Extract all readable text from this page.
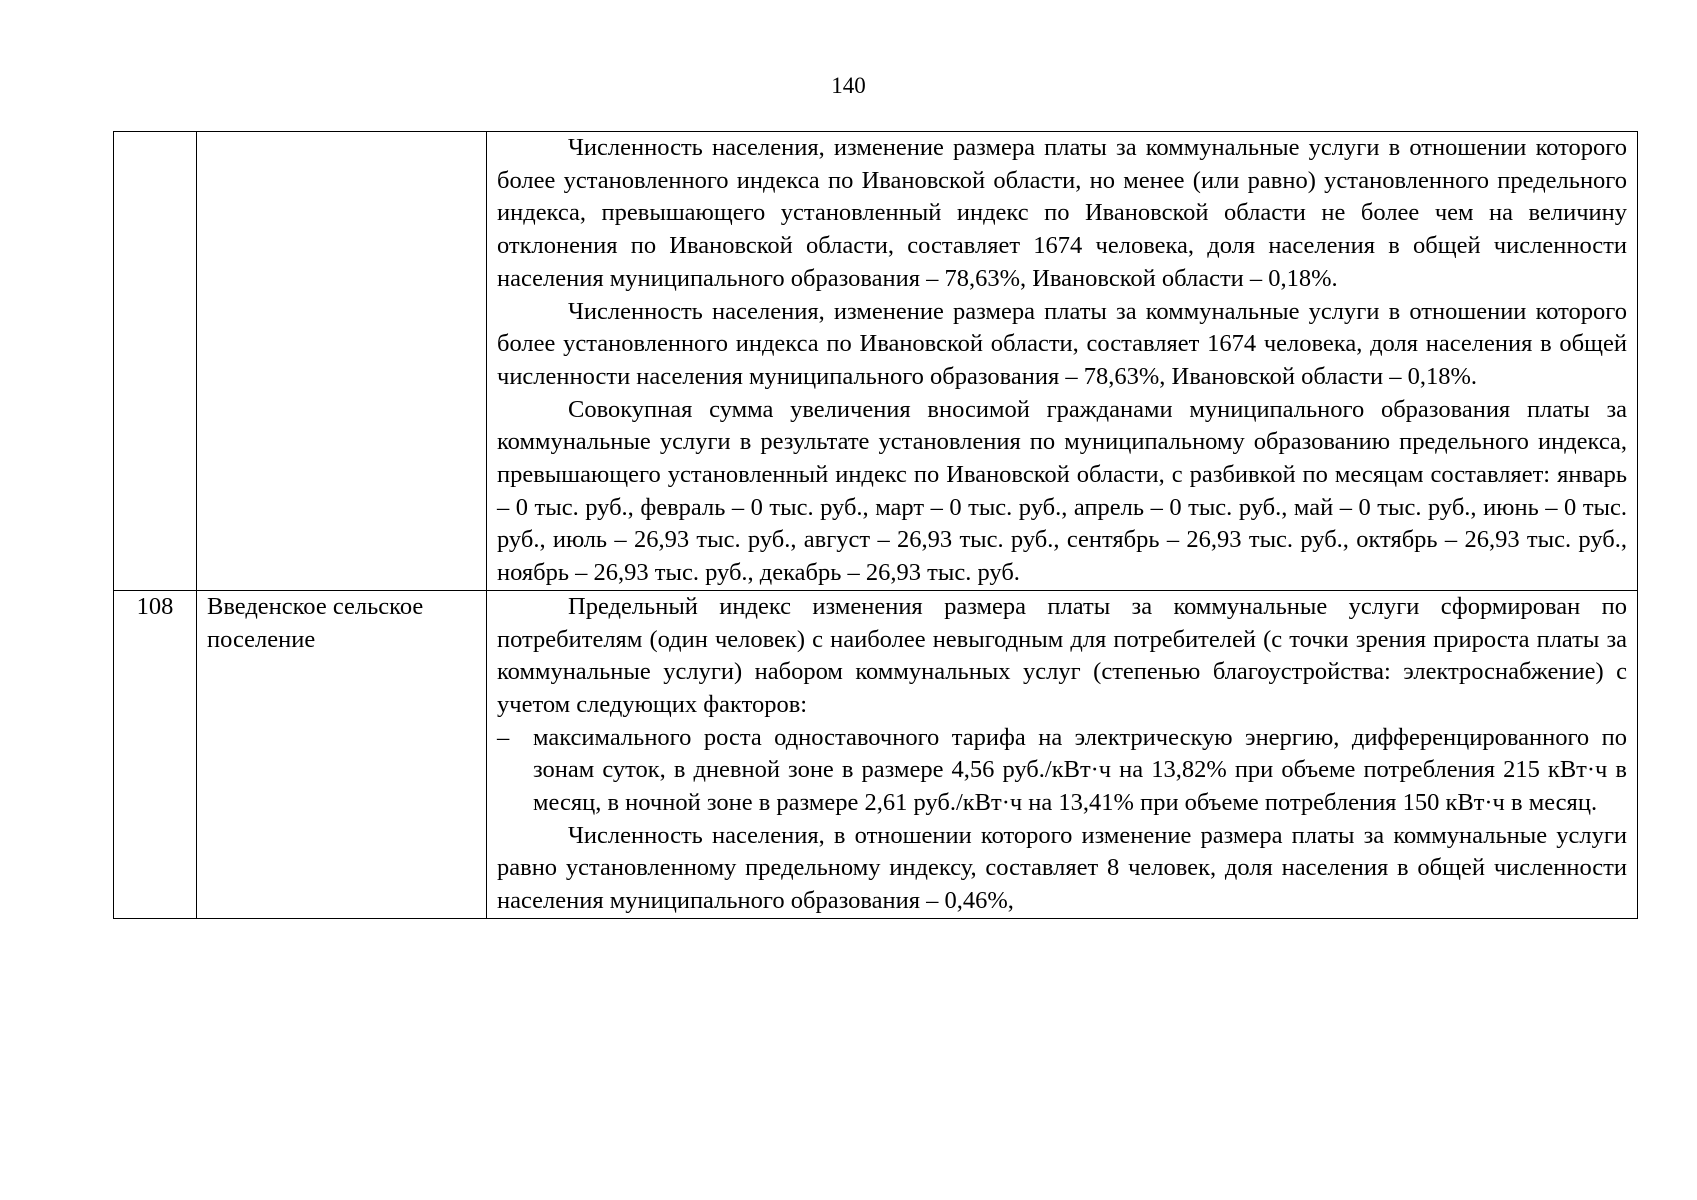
140

		Численность населения, изменение размера платы за коммунальные услуги в отношении которого более установленного индекса по Ивановской области, но менее (или равно) установленного предельного индекса, превышающего установленный индекс по Ивановской области не более чем на величину отклонения по Ивановской области, составляет 1674 человека, доля населения в общей численности населения муниципального образования – 78,63%, Ивановской области – 0,18%.

Численность населения, изменение размера платы за коммунальные услуги в отношении которого более установленного индекса по Ивановской области, составляет 1674 человека, доля населения в общей численности населения муниципального образования – 78,63%, Ивановской области – 0,18%.

Совокупная сумма увеличения вносимой гражданами муниципального образования платы за коммунальные услуги в результате установления по муниципальному образованию предельного индекса, превышающего установленный индекс по Ивановской области, с разбивкой по месяцам составляет: январь – 0 тыс. руб., февраль – 0 тыс. руб., март – 0 тыс. руб., апрель – 0 тыс. руб., май – 0 тыс. руб., июнь – 0 тыс. руб., июль – 26,93 тыс. руб., август – 26,93 тыс. руб., сентябрь – 26,93 тыс. руб., октябрь – 26,93 тыс. руб., ноябрь – 26,93 тыс. руб., декабрь – 26,93 тыс. руб.

108	Введенское сельское поселение	Предельный индекс изменения размера платы за коммунальные услуги сформирован по потребителям (один человек) с наиболее невыгодным для потребителей (с точки зрения прироста платы за коммунальные услуги) набором коммунальных услуг (степенью благоустройства: электроснабжение) с учетом следующих факторов:

– максимального роста одноставочного тарифа на электрическую энергию, дифференцированного по зонам суток, в дневной зоне в размере 4,56 руб./кВт·ч на 13,82% при объеме потребления 215 кВт·ч в месяц, в ночной зоне в размере 2,61 руб./кВт·ч на 13,41% при объеме потребления 150 кВт·ч в месяц.

Численность населения, в отношении которого изменение размера платы за коммунальные услуги равно установленному предельному индексу, составляет 8 человек, доля населения в общей численности населения муниципального образования – 0,46%,
